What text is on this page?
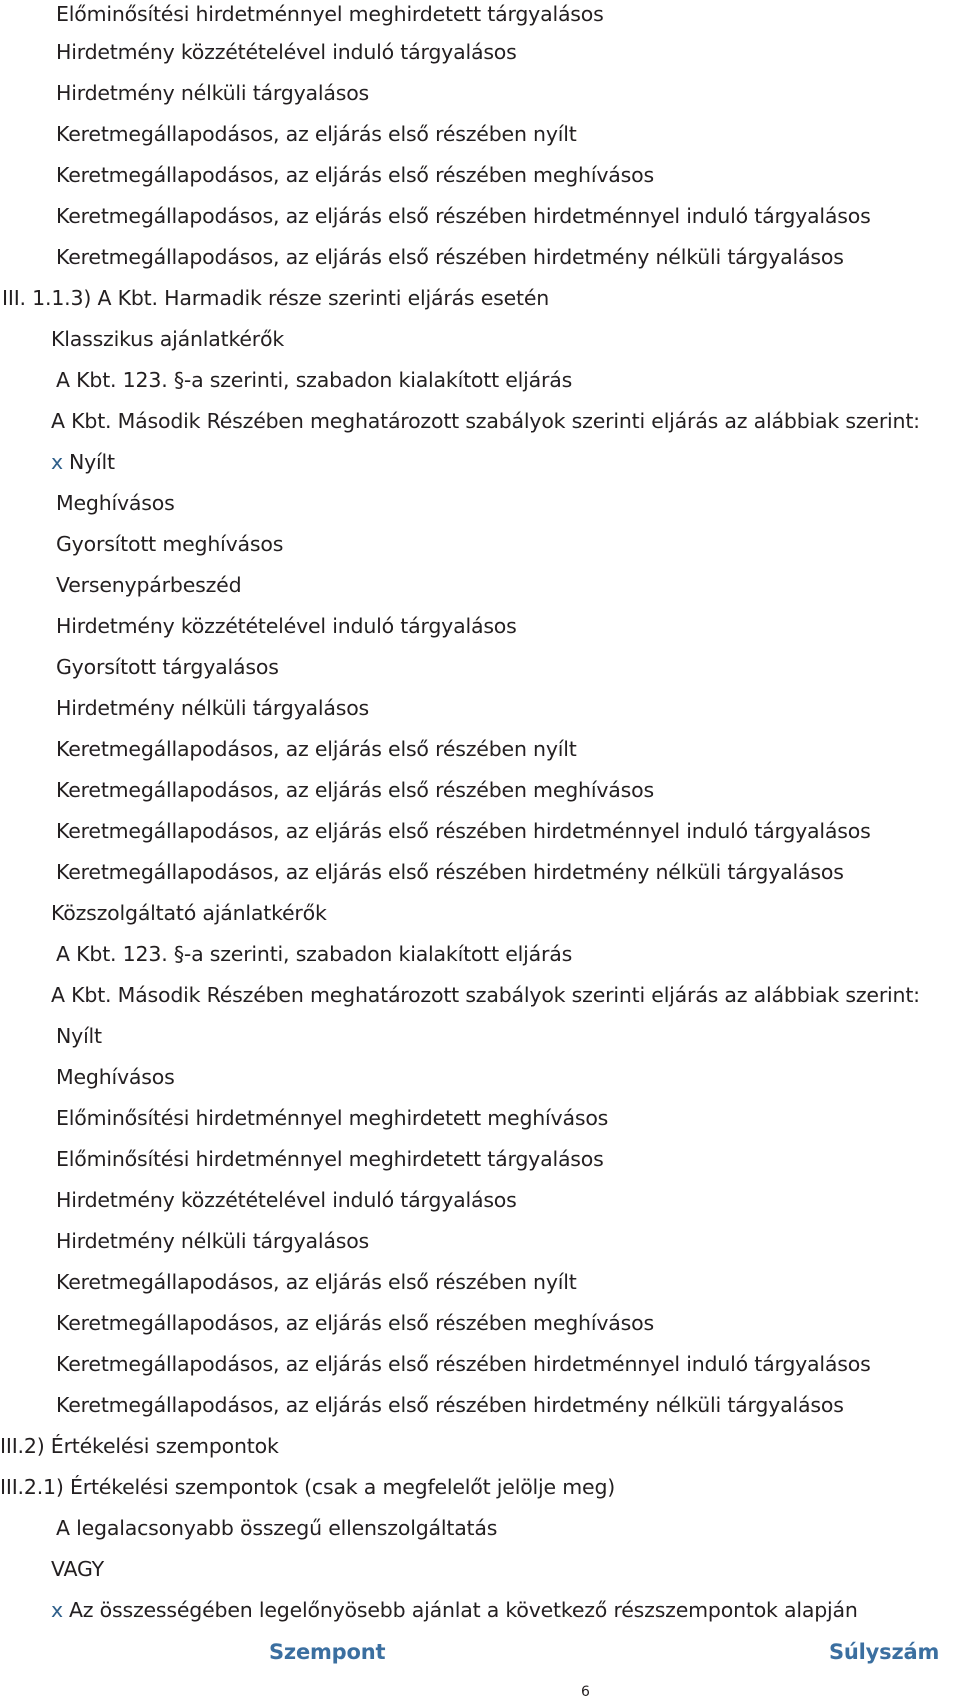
Előminősítési hirdetménnyel meghirdetett tárgyalásos
Hirdetmény közzétételével induló tárgyalásos
Hirdetmény nélküli tárgyalásos
Keretmegállapodásos, az eljárás első részében nyílt
Keretmegállapodásos, az eljárás első részében meghívásos
Keretmegállapodásos, az eljárás első részében hirdetménnyel induló tárgyalásos
Keretmegállapodásos, az eljárás első részében hirdetmény nélküli tárgyalásos
III. 1.1.3) A Kbt. Harmadik része szerinti eljárás esetén
Klasszikus ajánlatkérők
A Kbt. 123. §-a szerinti, szabadon kialakított eljárás
A Kbt. Második Részében meghatározott szabályok szerinti eljárás az alábbiak szerint:
x Nyílt
Meghívásos
Gyorsított meghívásos
Versenypárbeszéd
Hirdetmény közzétételével induló tárgyalásos
Gyorsított tárgyalásos
Hirdetmény nélküli tárgyalásos
Keretmegállapodásos, az eljárás első részében nyílt
Keretmegállapodásos, az eljárás első részében meghívásos
Keretmegállapodásos, az eljárás első részében hirdetménnyel induló tárgyalásos
Keretmegállapodásos, az eljárás első részében hirdetmény nélküli tárgyalásos
Közszolgáltató ajánlatkérők
A Kbt. 123. §-a szerinti, szabadon kialakított eljárás
A Kbt. Második Részében meghatározott szabályok szerinti eljárás az alábbiak szerint:
Nyílt
Meghívásos
Előminősítési hirdetménnyel meghirdetett meghívásos
Előminősítési hirdetménnyel meghirdetett tárgyalásos
Hirdetmény közzétételével induló tárgyalásos
Hirdetmény nélküli tárgyalásos
Keretmegállapodásos, az eljárás első részében nyílt
Keretmegállapodásos, az eljárás első részében meghívásos
Keretmegállapodásos, az eljárás első részében hirdetménnyel induló tárgyalásos
Keretmegállapodásos, az eljárás első részében hirdetmény nélküli tárgyalásos
III.2) Értékelési szempontok
III.2.1) Értékelési szempontok (csak a megfelelőt jelölje meg)
A legalacsonyabb összegű ellenszolgáltatás
VAGY
x Az összességében legelőnyösebb ajánlat a következő részszempontok alapján
Szempont	Súlyszám
6
